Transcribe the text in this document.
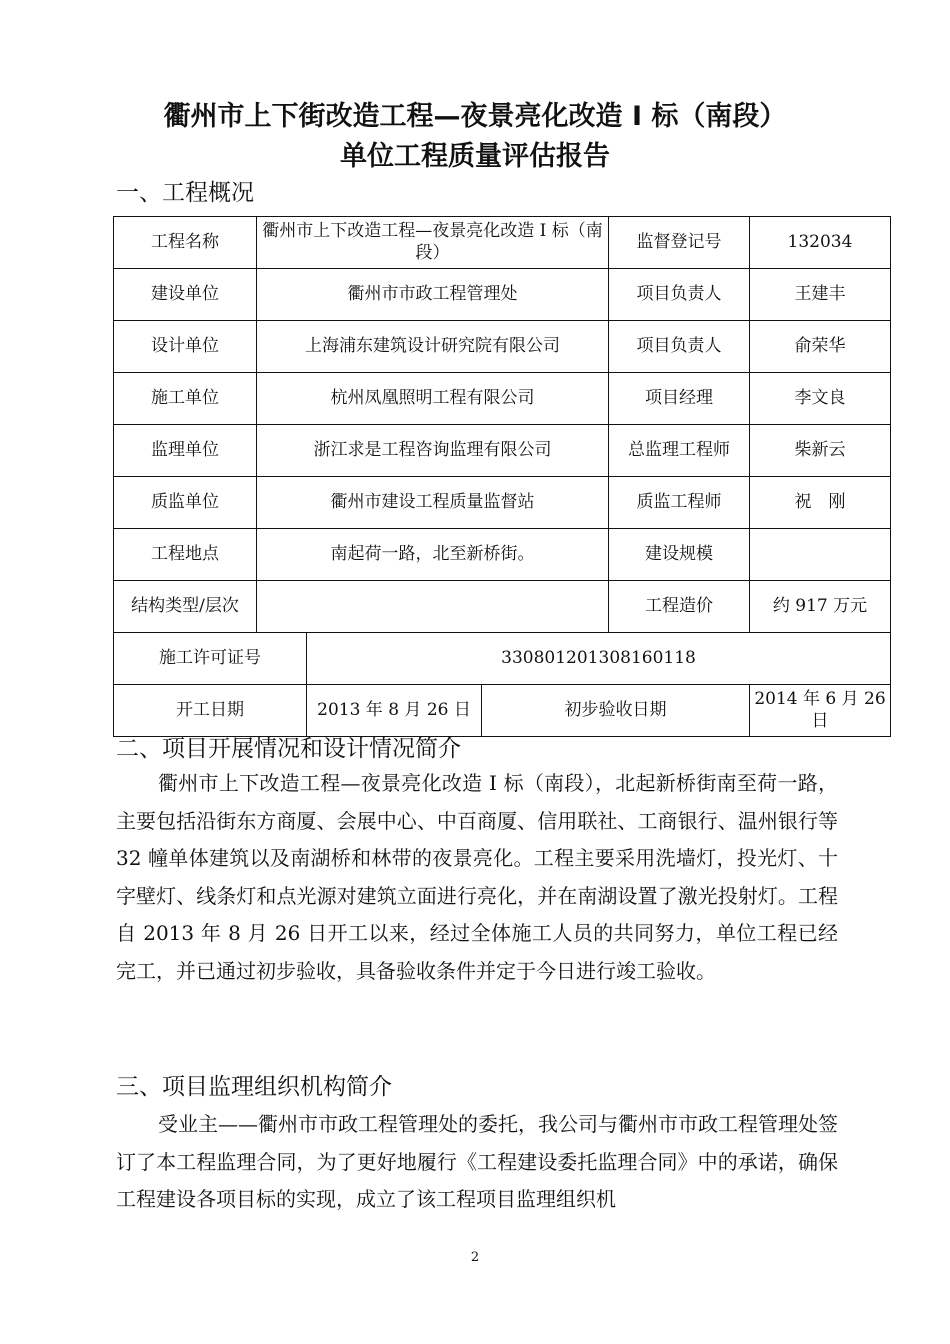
衢州市上下街改造工程—夜景亮化改造 I 标（南段）
单位工程质量评估报告
一、工程概况
工程名称	衢州市上下改造工程—夜景亮化改造 I 标（南段）			监督登记号	132034
建设单位	衢州市市政工程管理处			项目负责人	王建丰
设计单位	上海浦东建筑设计研究院有限公司			项目负责人	俞荣华
施工单位	杭州凤凰照明工程有限公司			项目经理	李文良
监理单位	浙江求是工程咨询监理有限公司			总监理工程师	柴新云
质监单位	衢州市建设工程质量监督站			质监工程师	祝　刚
工程地点	南起荷一路，北至新桥街。			建设规模	
结构类型/层次				工程造价	约 917 万元
施工许可证号		330801201308160118			
开工日期		2013 年 8 月 26 日	初步验收日期		2014 年 6 月 26 日
二、项目开展情况和设计情况简介
衢州市上下改造工程—夜景亮化改造 I 标（南段），北起新桥街南至荷一路，主要包括沿街东方商厦、会展中心、中百商厦、信用联社、工商银行、温州银行等 32 幢单体建筑以及南湖桥和林带的夜景亮化。工程主要采用洗墙灯，投光灯、十字壁灯、线条灯和点光源对建筑立面进行亮化，并在南湖设置了激光投射灯。工程自 2013 年 8 月 26 日开工以来，经过全体施工人员的共同努力，单位工程已经完工，并已通过初步验收，具备验收条件并定于今日进行竣工验收。
三、项目监理组织机构简介
受业主——衢州市市政工程管理处的委托，我公司与衢州市市政工程管理处签订了本工程监理合同，为了更好地履行《工程建设委托监理合同》中的承诺，确保工程建设各项目标的实现，成立了该工程项目监理组织机
2
